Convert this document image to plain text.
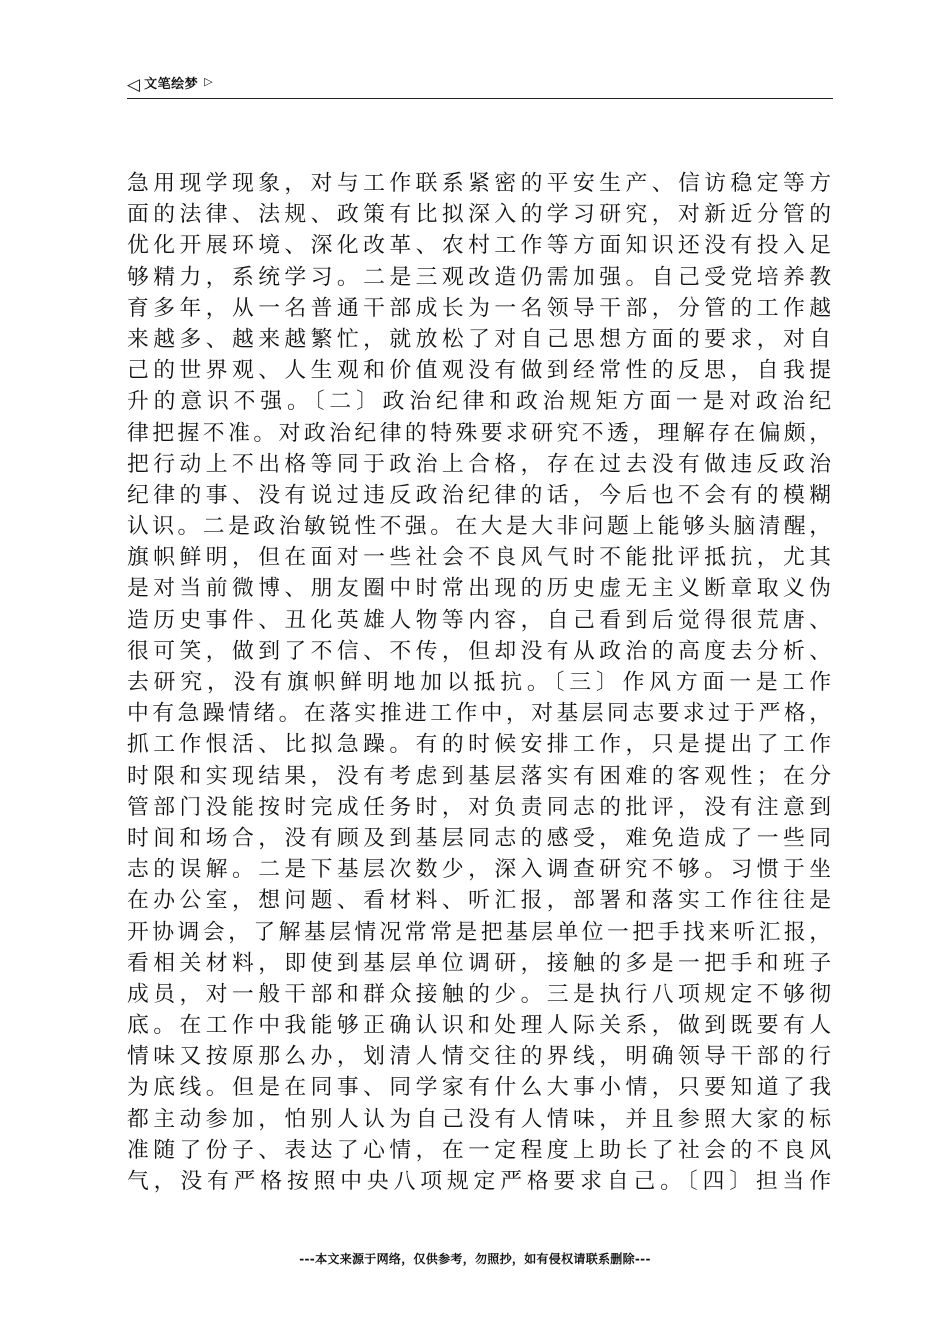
◁ 文笔绘梦 ▷

急用现学现象，对与工作联系紧密的平安生产、信访稳定等方

面的法律、法规、政策有比拟深入的学习研究，对新近分管的

优化开展环境、深化改革、农村工作等方面知识还没有投入足

够精力，系统学习。二是三观改造仍需加强。自己受党培养教

育多年，从一名普通干部成长为一名领导干部，分管的工作越

来越多、越来越繁忙，就放松了对自己思想方面的要求，对自

己的世界观、人生观和价值观没有做到经常性的反思，自我提

升的意识不强。〔二〕政治纪律和政治规矩方面一是对政治纪

律把握不准。对政治纪律的特殊要求研究不透，理解存在偏颇，

把行动上不出格等同于政治上合格，存在过去没有做违反政治

纪律的事、没有说过违反政治纪律的话，今后也不会有的模糊

认识。二是政治敏锐性不强。在大是大非问题上能够头脑清醒，

旗帜鲜明，但在面对一些社会不良风气时不能批评抵抗，尤其

是对当前微博、朋友圈中时常出现的历史虚无主义断章取义伪

造历史事件、丑化英雄人物等内容，自己看到后觉得很荒唐、

很可笑，做到了不信、不传，但却没有从政治的高度去分析、

去研究，没有旗帜鲜明地加以抵抗。〔三〕作风方面一是工作

中有急躁情绪。在落实推进工作中，对基层同志要求过于严格，

抓工作恨活、比拟急躁。有的时候安排工作，只是提出了工作

时限和实现结果，没有考虑到基层落实有困难的客观性；在分

管部门没能按时完成任务时，对负责同志的批评，没有注意到

时间和场合，没有顾及到基层同志的感受，难免造成了一些同

志的误解。二是下基层次数少，深入调查研究不够。习惯于坐

在办公室，想问题、看材料、听汇报，部署和落实工作往往是

开协调会，了解基层情况常常是把基层单位一把手找来听汇报，

看相关材料，即使到基层单位调研，接触的多是一把手和班子

成员，对一般干部和群众接触的少。三是执行八项规定不够彻

底。在工作中我能够正确认识和处理人际关系，做到既要有人

情味又按原那么办，划清人情交往的界线，明确领导干部的行

为底线。但是在同事、同学家有什么大事小情，只要知道了我

都主动参加，怕别人认为自己没有人情味，并且参照大家的标

准随了份子、表达了心情，在一定程度上助长了社会的不良风

气，没有严格按照中央八项规定严格要求自己。〔四〕担当作

---本文来源于网络，仅供参考，勿照抄，如有侵权请联系删除---
